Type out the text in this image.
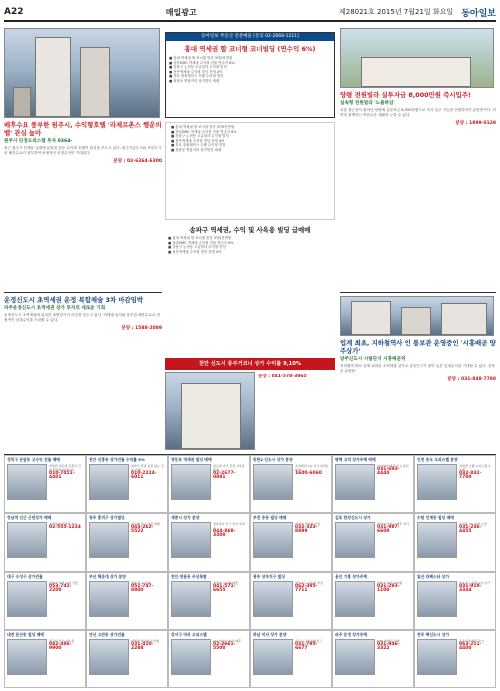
A22	매일광고	제28021호 2015년 7월21일 화요일 동아일보
배후수요 풍부한 원주시, 수익형호텔 '라제르촌스 행운의밸' 관심 높아
원주시 단정오피스텔 투자 0364-
최근 원주시 단계동 일대에 분양을 앞둔 수익형 호텔이 관심을 모으고 있다. 원주기업도시와 혁신도시의 배후수요가 풍부하여 안정적인 임대수익이 기대된다.
분양 : 02-6364-6300
동아일보 부동산 전문매물 [문의 02-2668-1211]
홍대 역세권 할 코너형 코너빌딩 (연수익 6%)
■ 홍대 역세권 할 코너형 빌딩 3억5천만원
■ 상암DMC 역세권 수익형 건물 연수익 6%
■ 강남구 논현동 고급빌라 수익형 빌딩
■ 용산역세권 수익형 빌딩 전세 4억
■ 종로 핫플레이스 우량 수익형 빌딩
■ 청담동 명품거리 상가빌딩 매매
■ 홍대 역세권 할 코너형 빌딩 3억5천만원
■ 상암DMC 역세권 수익형 건물 연수익 6%
■ 강남구 논현동 고급빌라 수익형 빌딩
■ 용산역세권 수익형 빌딩 전세 4억
■ 종로 핫플레이스 우량 수익형 빌딩
■ 청담동 명품거리 상가빌딩 매매
양평 전원빌라 실투자금 8,000만원 즉시입주!
실속형 전원빌라 '노블하임'
서울 접근성이 뛰어난 양평에 실투자금 8,000만원으로 즉시 입주 가능한 전원빌라가 분양중이다. 자연과 함께하는 여유로운 생활을 누릴 수 있다.
분양 : 1899-0129
운정신도시 초역세권 운정 복합제술 3차 마감임박
파주운정신도시 초역세권 상가 투자의 새로운 기회
운정신도시 초역세권에 위치한 복합상가가 마감을 앞두고 있다. 역세권 입지와 풍부한 배후수요로 안정적인 임대수익을 기대할 수 있다.
분양 : 1588-2089
송파구 역세권, 수익 및 사옥용 빌딩 급매매
■ 홍대 역세권 할 코너형 빌딩 3억5천만원
■ 상암DMC 역세권 수익형 건물 연수익 6%
■ 강남구 논현동 고급빌라 수익형 빌딩
■ 용산역세권 수익형 빌딩 전세 4억
천안 신도시 중주거코너 상가 수익률 9,10%
분양 : 041-578-3865
업계 최초, 지하철역사 인 통보관 운영중인 '시흥배곧 양주상가'
양주신도시 시범단지 시흥배곧역
지하철역 바로 앞에 위치한 초역세권 상가로 유동인구가 많아 높은 임대수익을 기대할 수 있다. 선착순 분양중.
분양 : 031-848-7788
성북구 돈암동 고수익 건물 매매
역세권 대로변 신축급 건물 안정적 임대수익
010-7411-4401
천안 신흥동 상가건물 수익률 9%
대학가 상권 공실 없는 건물 급매
010-2224-6011
영등포 역세권 빌딩 매매
대로변 코너 건물 사옥용 추천
02-2677-0881
동탄2 신도시 상가 분양
초역세권 1층 상가 선착순 분양
1600-6060
평택 고덕 상가주택 매매
삼성전자 배후 수요 풍부
031-692-4440
인천 송도 오피스텔 분양
역세권 소형 오피스텔 수익형
032-832-7700
강남역 인근 근린상가 매매
초역세권 안정적 수익
02-555-1234
청주 흥덕구 상가빌딩
대로변 코너 건물 매매
043-262-5522
세종시 상가 분양
정부청사 인근 상가 선착순
044-868-3300
부천 중동 빌딩 매매
역세권 수익형 건물
032-323-8899
김포 한강신도시 상가
대단지 아파트 배후 상가
031-987-6600
수원 인계동 빌딩 매매
수익률 7% 이상 보장
031-236-4455
대구 수성구 상가건물
학원가 상권 우량 건물
053-741-2200
부산 해운대 상가 분양
관광 특구 상권
051-747-8800
천안 쌍용동 주상복합
역세권 수익형 매물
041-571-6655
광주 상무지구 빌딩
업무지구 사옥용 추천
062-385-7711
용인 기흥 상가주택
대학가 원룸 수익형
031-283-1100
일산 라페스타 상가
유동인구 풍부 1층 상가
031-919-3344
대전 둔산동 빌딩 매매
관공서 인근 사옥용
042-486-9900
안산 고잔동 상가건물
역세권 대로변 수익형
031-410-2288
강서구 마곡 오피스텔
LG사이언스파크 배후
02-2661-5500
하남 미사 상가 분양
신도시 중심상업지구
031-795-6677
파주 운정 상가주택
GTX 역세권 수혜
031-946-3322
전주 혁신도시 상가
공공기관 배후 수요
063-211-4400
